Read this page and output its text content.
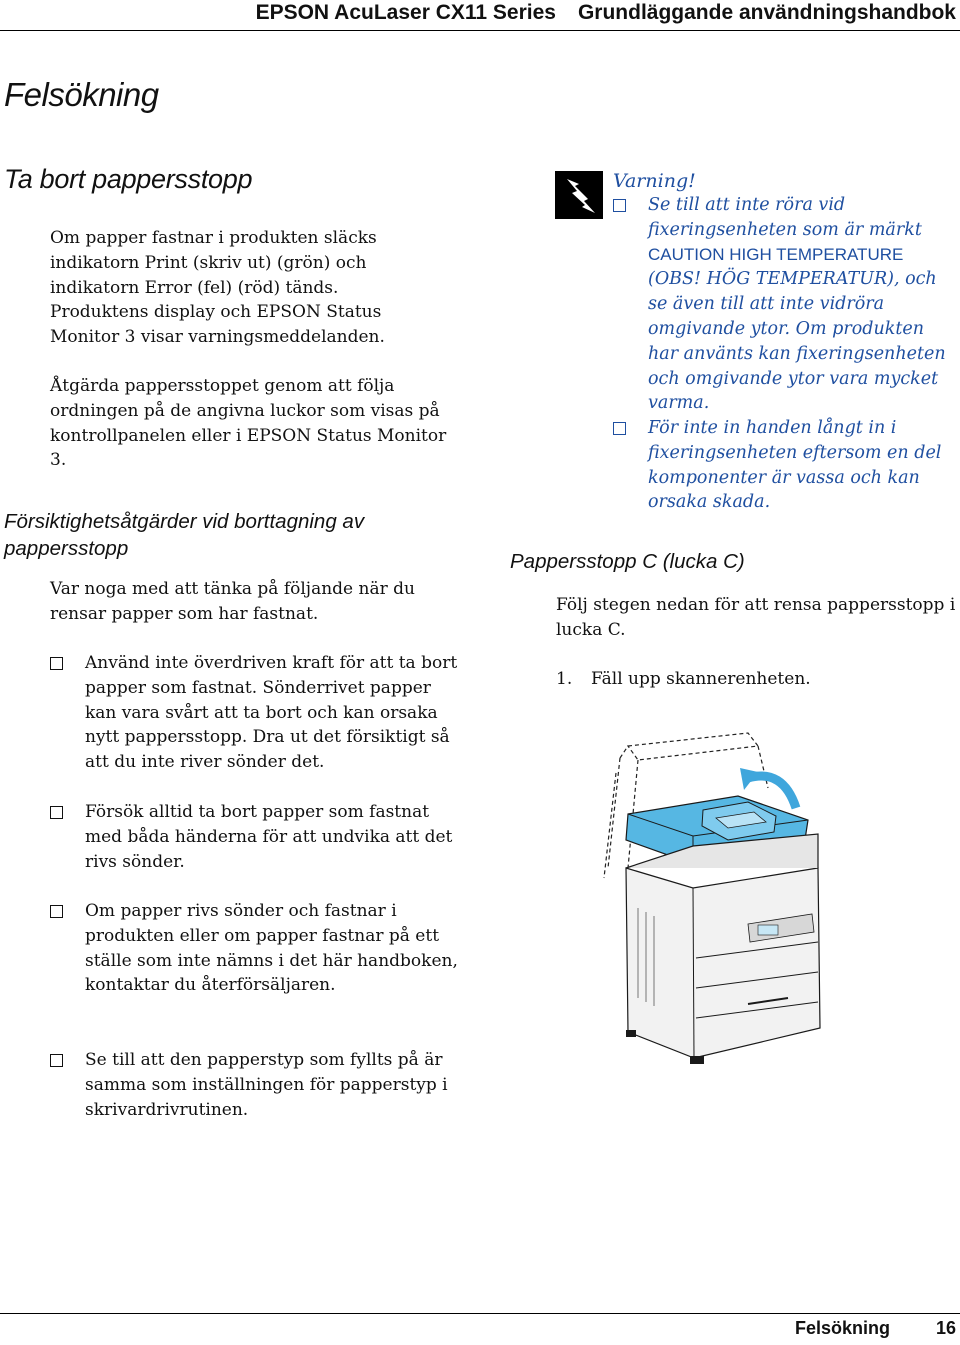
EPSON AcuLaser CX11 Series Grundläggande användningshandbok
Felsökning
Ta bort pappersstopp

Om papper fastnar i produkten släcks indikatorn Print (skriv ut) (grön) och indikatorn Error (fel) (röd) tänds. Produktens display och EPSON Status Monitor 3 visar varningsmeddelanden.

Åtgärda pappersstoppet genom att följa ordningen på de angivna luckor som visas på kontrollpanelen eller i EPSON Status Monitor 3.

Försiktighetsåtgärder vid borttagning av pappersstopp

Var noga med att tänka på följande när du rensar papper som har fastnat.

Använd inte överdriven kraft för att ta bort papper som fastnat. Sönderrivet papper kan vara svårt att ta bort och kan orsaka nytt pappersstopp. Dra ut det försiktigt så att du inte river sönder det.
Försök alltid ta bort papper som fastnat med båda händerna för att undvika att det rivs sönder.
Om papper rivs sönder och fastnar i produkten eller om papper fastnar på ett ställe som inte nämns i det här handboken, kontaktar du återförsäljaren.
Se till att den papperstyp som fyllts på är samma som inställningen för papperstyp i skrivardrivrutinen.

Varning!

Se till att inte röra vid fixeringsenheten som är märkt CAUTION HIGH TEMPERATURE (OBS! HÖG TEMPERATUR), och se även till att inte vidröra omgivande ytor. Om produkten har använts kan fixeringsenheten och omgivande ytor vara mycket varma.
För inte in handen långt in i fixeringsenheten eftersom en del komponenter är vassa och kan orsaka skada.
Pappersstopp C (lucka C)

Följ stegen nedan för att rensa pappersstopp i lucka C.

1. Fäll upp skannerenheten.

Felsökning	16
